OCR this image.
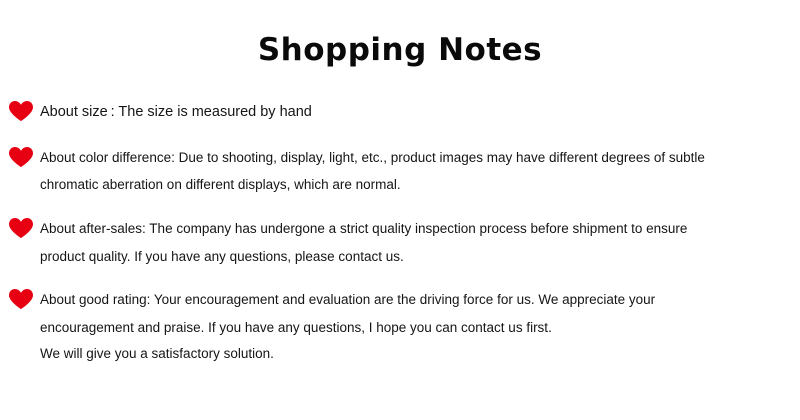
Shopping Notes
About size : The size is measured by hand
About color difference: Due to shooting, display, light, etc., product images may have different degrees of subtle
chromatic aberration on different displays, which are normal.
About after-sales: The company has undergone a strict quality inspection process before shipment to ensure
product quality. If you have any questions, please contact us.
About good rating: Your encouragement and evaluation are the driving force for us. We appreciate your
encouragement and praise. If you have any questions, I hope you can contact us first.
We will give you a satisfactory solution.
